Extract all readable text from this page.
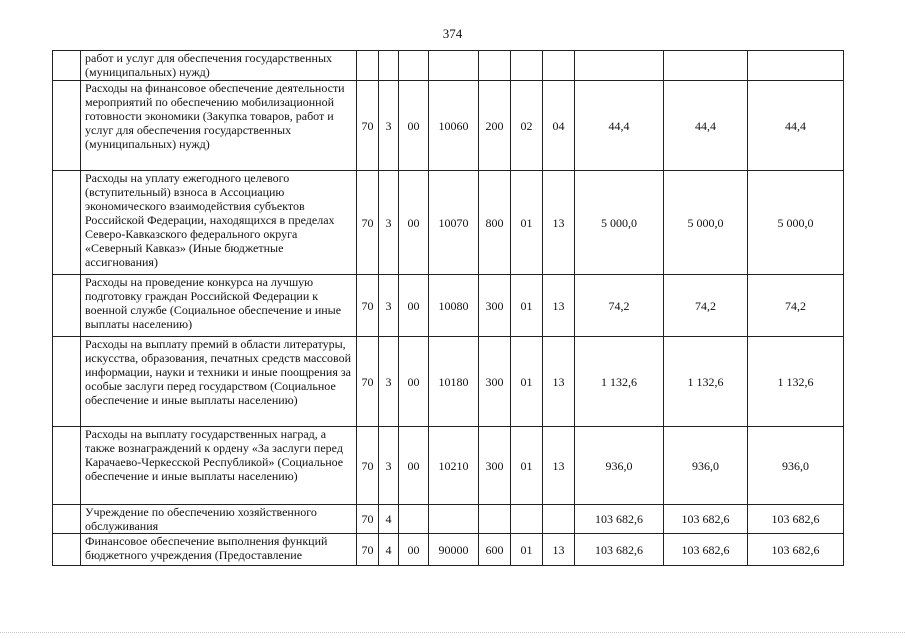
374
	работ и услуг для обеспечения государственных (муниципальных) нужд)										
	Расходы на финансовое обеспечение деятельности мероприятий по обеспечению мобилизационной готовности экономики (Закупка товаров, работ и услуг для обеспечения государственных (муниципальных) нужд)	70	3	00	10060	200	02	04	44,4	44,4	44,4
	Расходы на уплату ежегодного целевого (вступительный) взноса в Ассоциацию экономического взаимодействия субъектов Российской Федерации, находящихся в пределах Северо-Кавказского федерального округа «Северный Кавказ» (Иные бюджетные ассигнования)	70	3	00	10070	800	01	13	5 000,0	5 000,0	5 000,0
	Расходы на проведение конкурса на лучшую подготовку граждан Российской Федерации к военной службе (Социальное обеспечение и иные выплаты населению)	70	3	00	10080	300	01	13	74,2	74,2	74,2
	Расходы на выплату премий в области литературы, искусства, образования, печатных средств массовой информации, науки и техники и иные поощрения за особые заслуги перед государством (Социальное обеспечение и иные выплаты населению)	70	3	00	10180	300	01	13	1 132,6	1 132,6	1 132,6
	Расходы на выплату государственных наград, а также вознаграждений к ордену «За заслуги перед Карачаево-Черкесской Республикой» (Социальное обеспечение и иные выплаты населению)	70	3	00	10210	300	01	13	936,0	936,0	936,0
	Учреждение по обеспечению хозяйственного обслуживания	70	4						103 682,6	103 682,6	103 682,6
	Финансовое обеспечение выполнения функций бюджетного учреждения (Предоставление	70	4	00	90000	600	01	13	103 682,6	103 682,6	103 682,6
